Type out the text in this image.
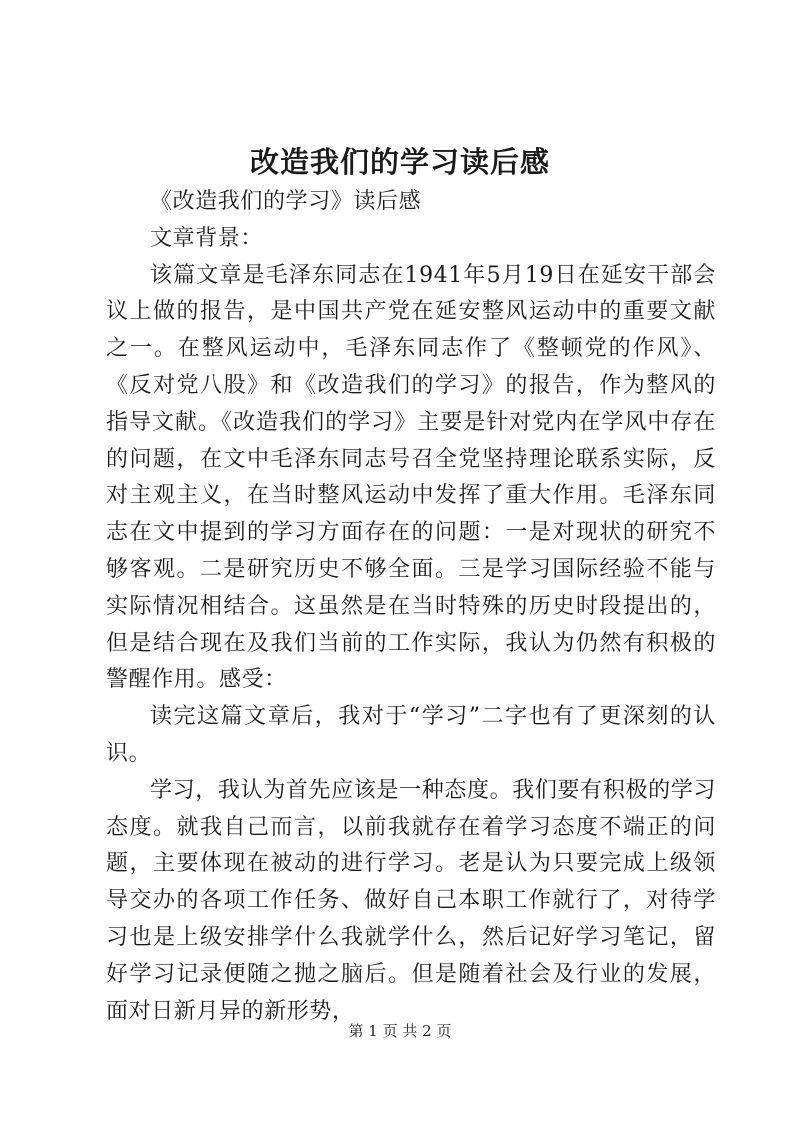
改造我们的学习读后感

《改造我们的学习》读后感

文章背景：

该篇文章是毛泽东同志在1941年5月19日在延安干部会议上做的报告，是中国共产党在延安整风运动中的重要文献之一。在整风运动中，毛泽东同志作了《整顿党的作风》、《反对党八股》和《改造我们的学习》的报告，作为整风的指导文献。《改造我们的学习》主要是针对党内在学风中存在的问题，在文中毛泽东同志号召全党坚持理论联系实际，反对主观主义，在当时整风运动中发挥了重大作用。毛泽东同志在文中提到的学习方面存在的问题：一是对现状的研究不够客观。二是研究历史不够全面。三是学习国际经验不能与实际情况相结合。这虽然是在当时特殊的历史时段提出的，但是结合现在及我们当前的工作实际，我认为仍然有积极的警醒作用。感受：

读完这篇文章后，我对于“学习”二字也有了更深刻的认识。

学习，我认为首先应该是一种态度。我们要有积极的学习态度。就我自己而言，以前我就存在着学习态度不端正的问题，主要体现在被动的进行学习。老是认为只要完成上级领导交办的各项工作任务、做好自己本职工作就行了，对待学习也是上级安排学什么我就学什么，然后记好学习笔记，留好学习记录便随之抛之脑后。但是随着社会及行业的发展，面对日新月异的新形势，

第 1 页 共 2 页
